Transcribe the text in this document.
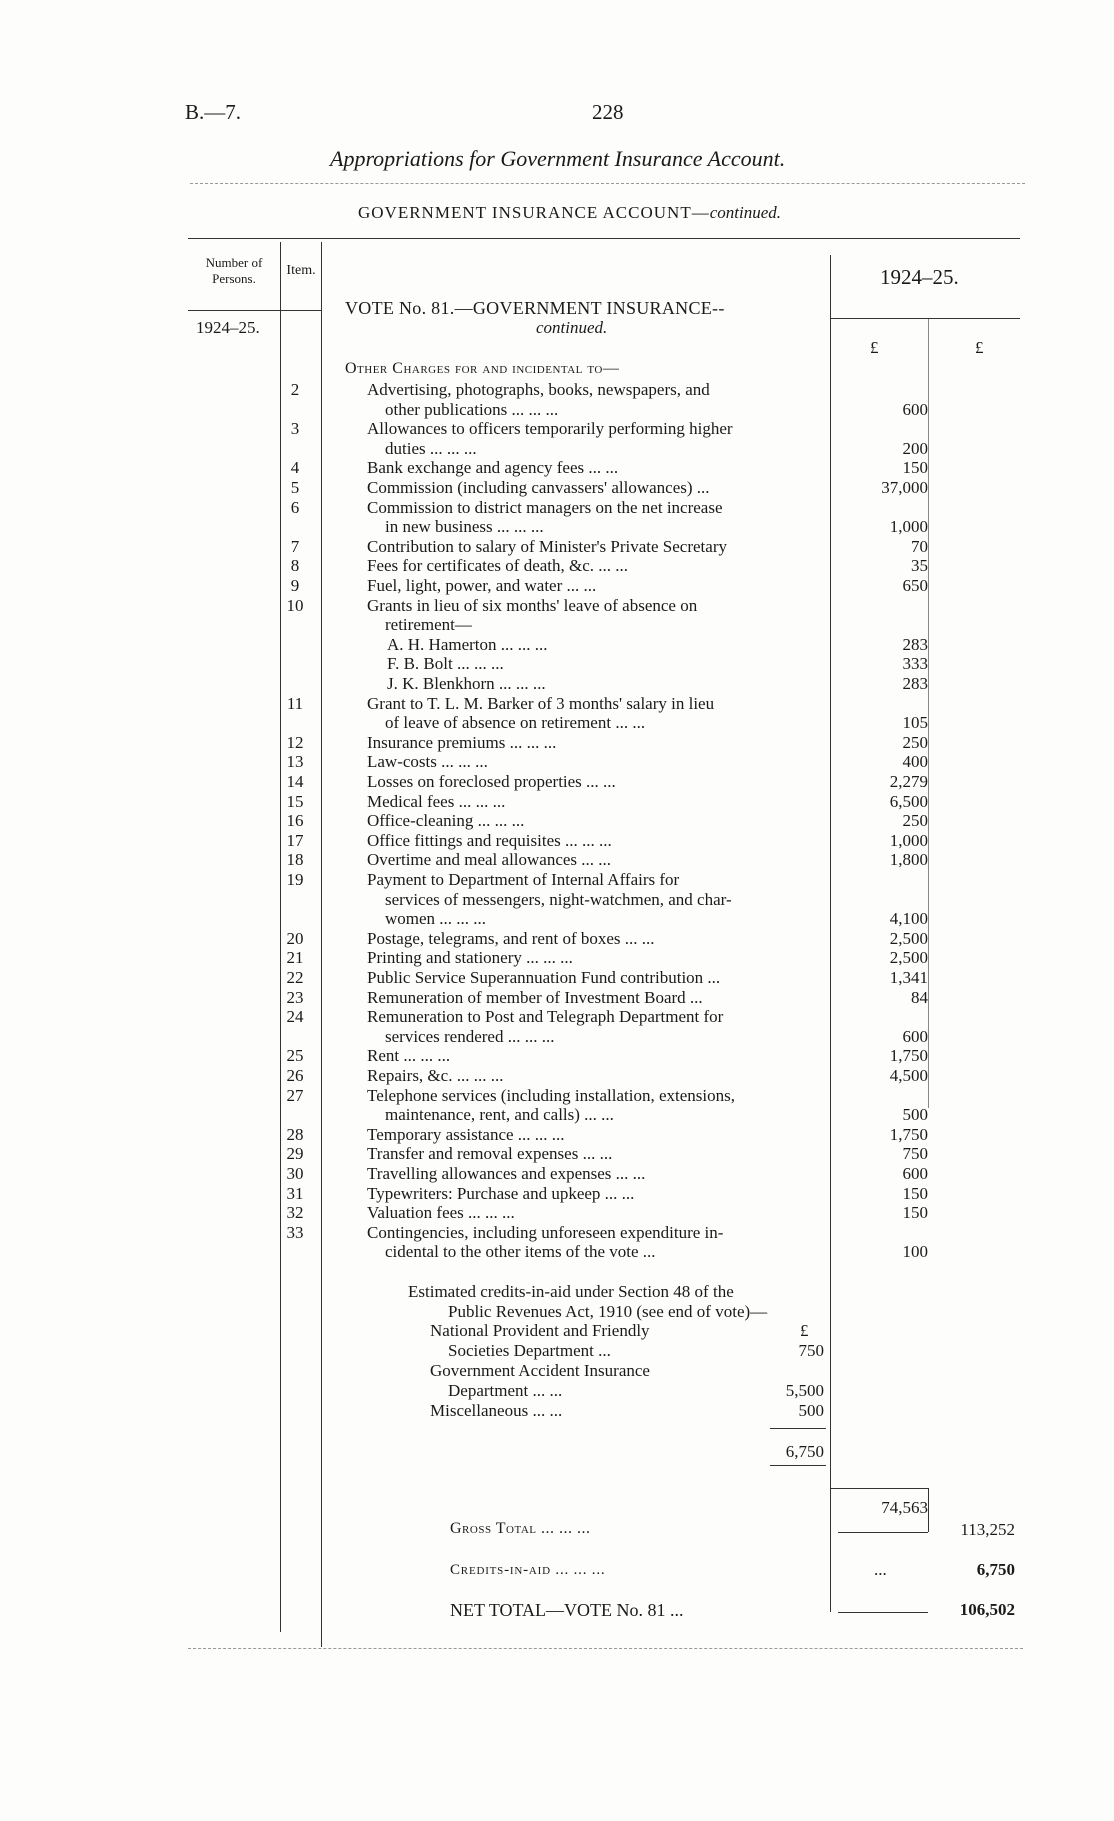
B.—7.	228
Appropriations for Government Insurance Account.
GOVERNMENT INSURANCE ACCOUNT—continued.
Number of Persons.
Item.	1924–25.
1924–25.
£	£
VOTE No. 81.—GOVERNMENT INSURANCE--
continued.
Other Charges for and incidental to—
2	Advertising, photographs, books, newspapers, and
other publications ... ... ...	600
3	Allowances to officers temporarily performing higher
duties ... ... ...	200
4	Bank exchange and agency fees ... ...	150
5	Commission (including canvassers' allowances) ...	37,000
6	Commission to district managers on the net increase
in new business ... ... ...	1,000
7	Contribution to salary of Minister's Private Secretary	70
8	Fees for certificates of death, &c. ... ...	35
9	Fuel, light, power, and water ... ...	650
10	Grants in lieu of six months' leave of absence on
retirement—
A. H. Hamerton ... ... ...	283
F. B. Bolt ... ... ...	333
J. K. Blenkhorn ... ... ...	283
11	Grant to T. L. M. Barker of 3 months' salary in lieu
of leave of absence on retirement ... ...	105
12	Insurance premiums ... ... ...	250
13	Law-costs ... ... ...	400
14	Losses on foreclosed properties ... ...	2,279
15	Medical fees ... ... ...	6,500
16	Office-cleaning ... ... ...	250
17	Office fittings and requisites ... ... ...	1,000
18	Overtime and meal allowances ... ...	1,800
19	Payment to Department of Internal Affairs for
services of messengers, night-watchmen, and char-
women ... ... ...	4,100
20	Postage, telegrams, and rent of boxes ... ...	2,500
21	Printing and stationery ... ... ...	2,500
22	Public Service Superannuation Fund contribution ...	1,341
23	Remuneration of member of Investment Board ...	84
24	Remuneration to Post and Telegraph Department for
services rendered ... ... ...	600
25	Rent ... ... ...	1,750
26	Repairs, &c. ... ... ...	4,500
27	Telephone services (including installation, extensions,
maintenance, rent, and calls) ... ...	500
28	Temporary assistance ... ... ...	1,750
29	Transfer and removal expenses ... ...	750
30	Travelling allowances and expenses ... ...	600
31	Typewriters: Purchase and upkeep ... ...	150
32	Valuation fees ... ... ...	150
33	Contingencies, including unforeseen expenditure in-
cidental to the other items of the vote ...	100
Estimated credits-in-aid under Section 48 of the
Public Revenues Act, 1910 (see end of vote)—
National Provident and Friendly	£
Societies Department ...	750
Government Accident Insurance
Department ... ...	5,500
Miscellaneous ... ...	500
6,750
74,563
Gross Total ... ... ...	113,252
Credits-in-aid ... ... ...	...	6,750
NET TOTAL—VOTE No. 81 ...	106,502
